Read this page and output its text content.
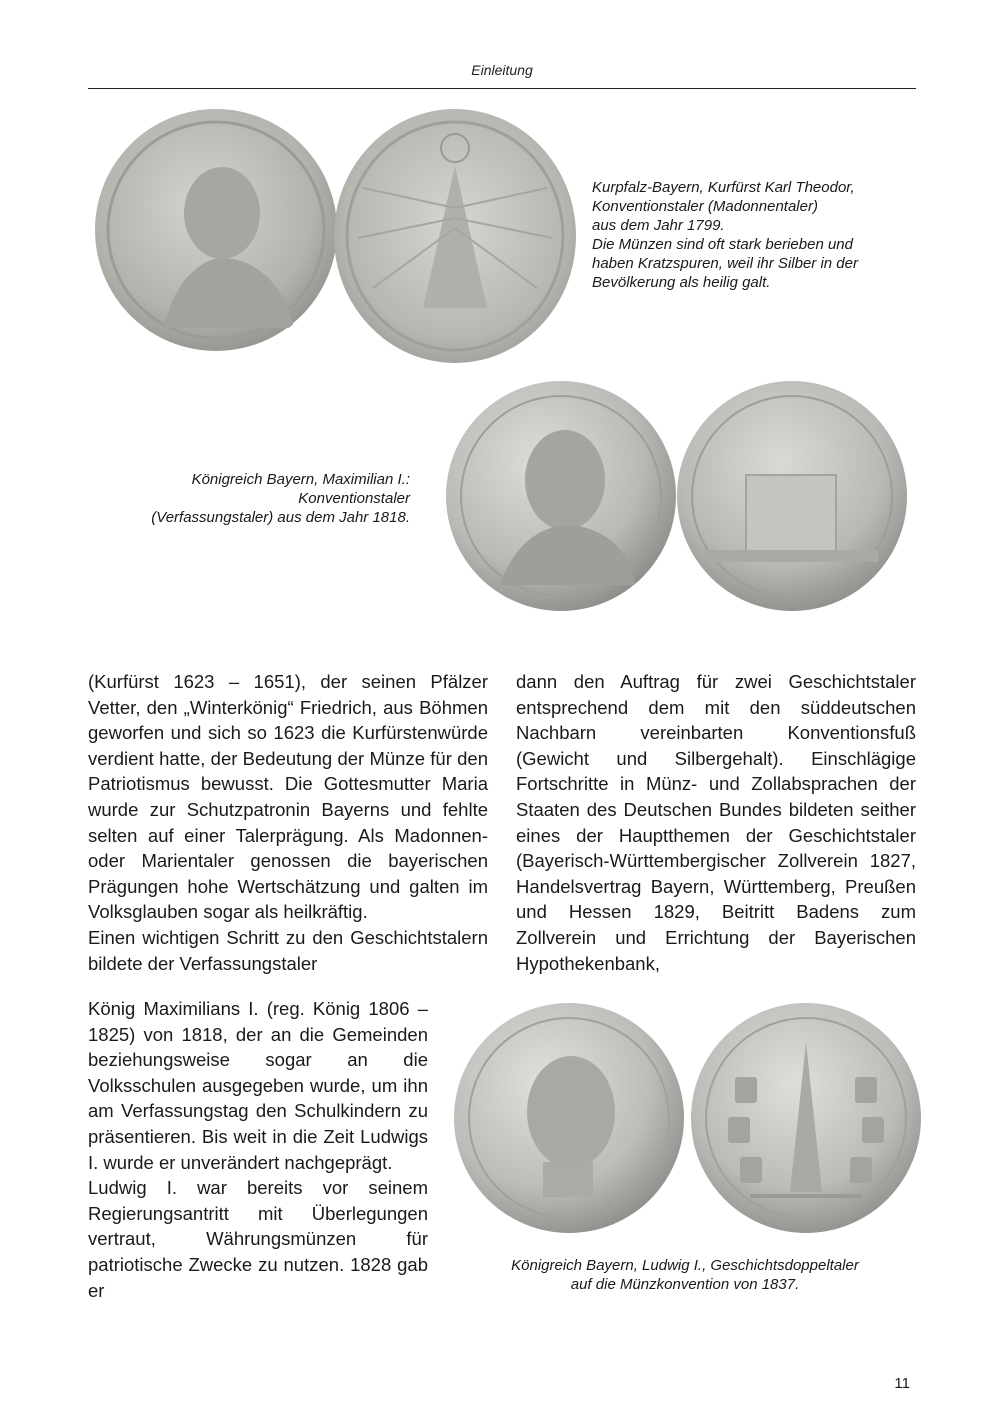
Einleitung
Kurpfalz-Bayern, Kurfürst Karl Theodor,
Konventionstaler (Madonnentaler)
aus dem Jahr 1799.
Die Münzen sind oft stark berieben und
haben Kratzspuren, weil ihr Silber in der
Bevölkerung als heilig galt.
Königreich Bayern, Maximilian I.:
Konventionstaler
(Verfassungstaler) aus dem Jahr 1818.

(Kurfürst 1623 – 1651), der seinen Pfälzer Vetter, den „Winterkönig“ Friedrich, aus Böhmen geworfen und sich so 1623 die Kurfürstenwürde verdient hatte, der Bedeutung der Münze für den Patriotismus bewusst. Die Gottesmutter Maria wurde zur Schutzpatronin Bayerns und fehlte selten auf einer Talerprägung. Als Madonnen- oder Marientaler genossen die bayerischen Prägungen hohe Wertschätzung und galten im Volksglauben sogar als heilkräftig.

Einen wichtigen Schritt zu den Geschichtstalern bildete der Verfassungstaler

König Maximilians I. (reg. König 1806 – 1825) von 1818, der an die Gemeinden beziehungsweise sogar an die Volksschulen ausgegeben wurde, um ihn am Verfassungstag den Schulkindern zu präsentieren. Bis weit in die Zeit Ludwigs I. wurde er unverändert nachgeprägt.

Ludwig I. war bereits vor seinem Regierungsantritt mit Überlegungen vertraut, Währungsmünzen für patriotische Zwecke zu nutzen. 1828 gab er

dann den Auftrag für zwei Geschichtstaler entsprechend dem mit den süddeutschen Nachbarn vereinbarten Konventionsfuß (Gewicht und Silbergehalt). Einschlägige Fortschritte in Münz- und Zollabsprachen der Staaten des Deutschen Bundes bildeten seither eines der Hauptthemen der Geschichtstaler (Bayerisch-Württembergischer Zollverein 1827, Handelsvertrag Bayern, Württemberg, Preußen und Hessen 1829, Beitritt Badens zum Zollverein und Errichtung der Bayerischen Hypothekenbank,

Königreich Bayern, Ludwig I., Geschichtsdoppeltaler
auf die Münzkonvention von 1837.
11
